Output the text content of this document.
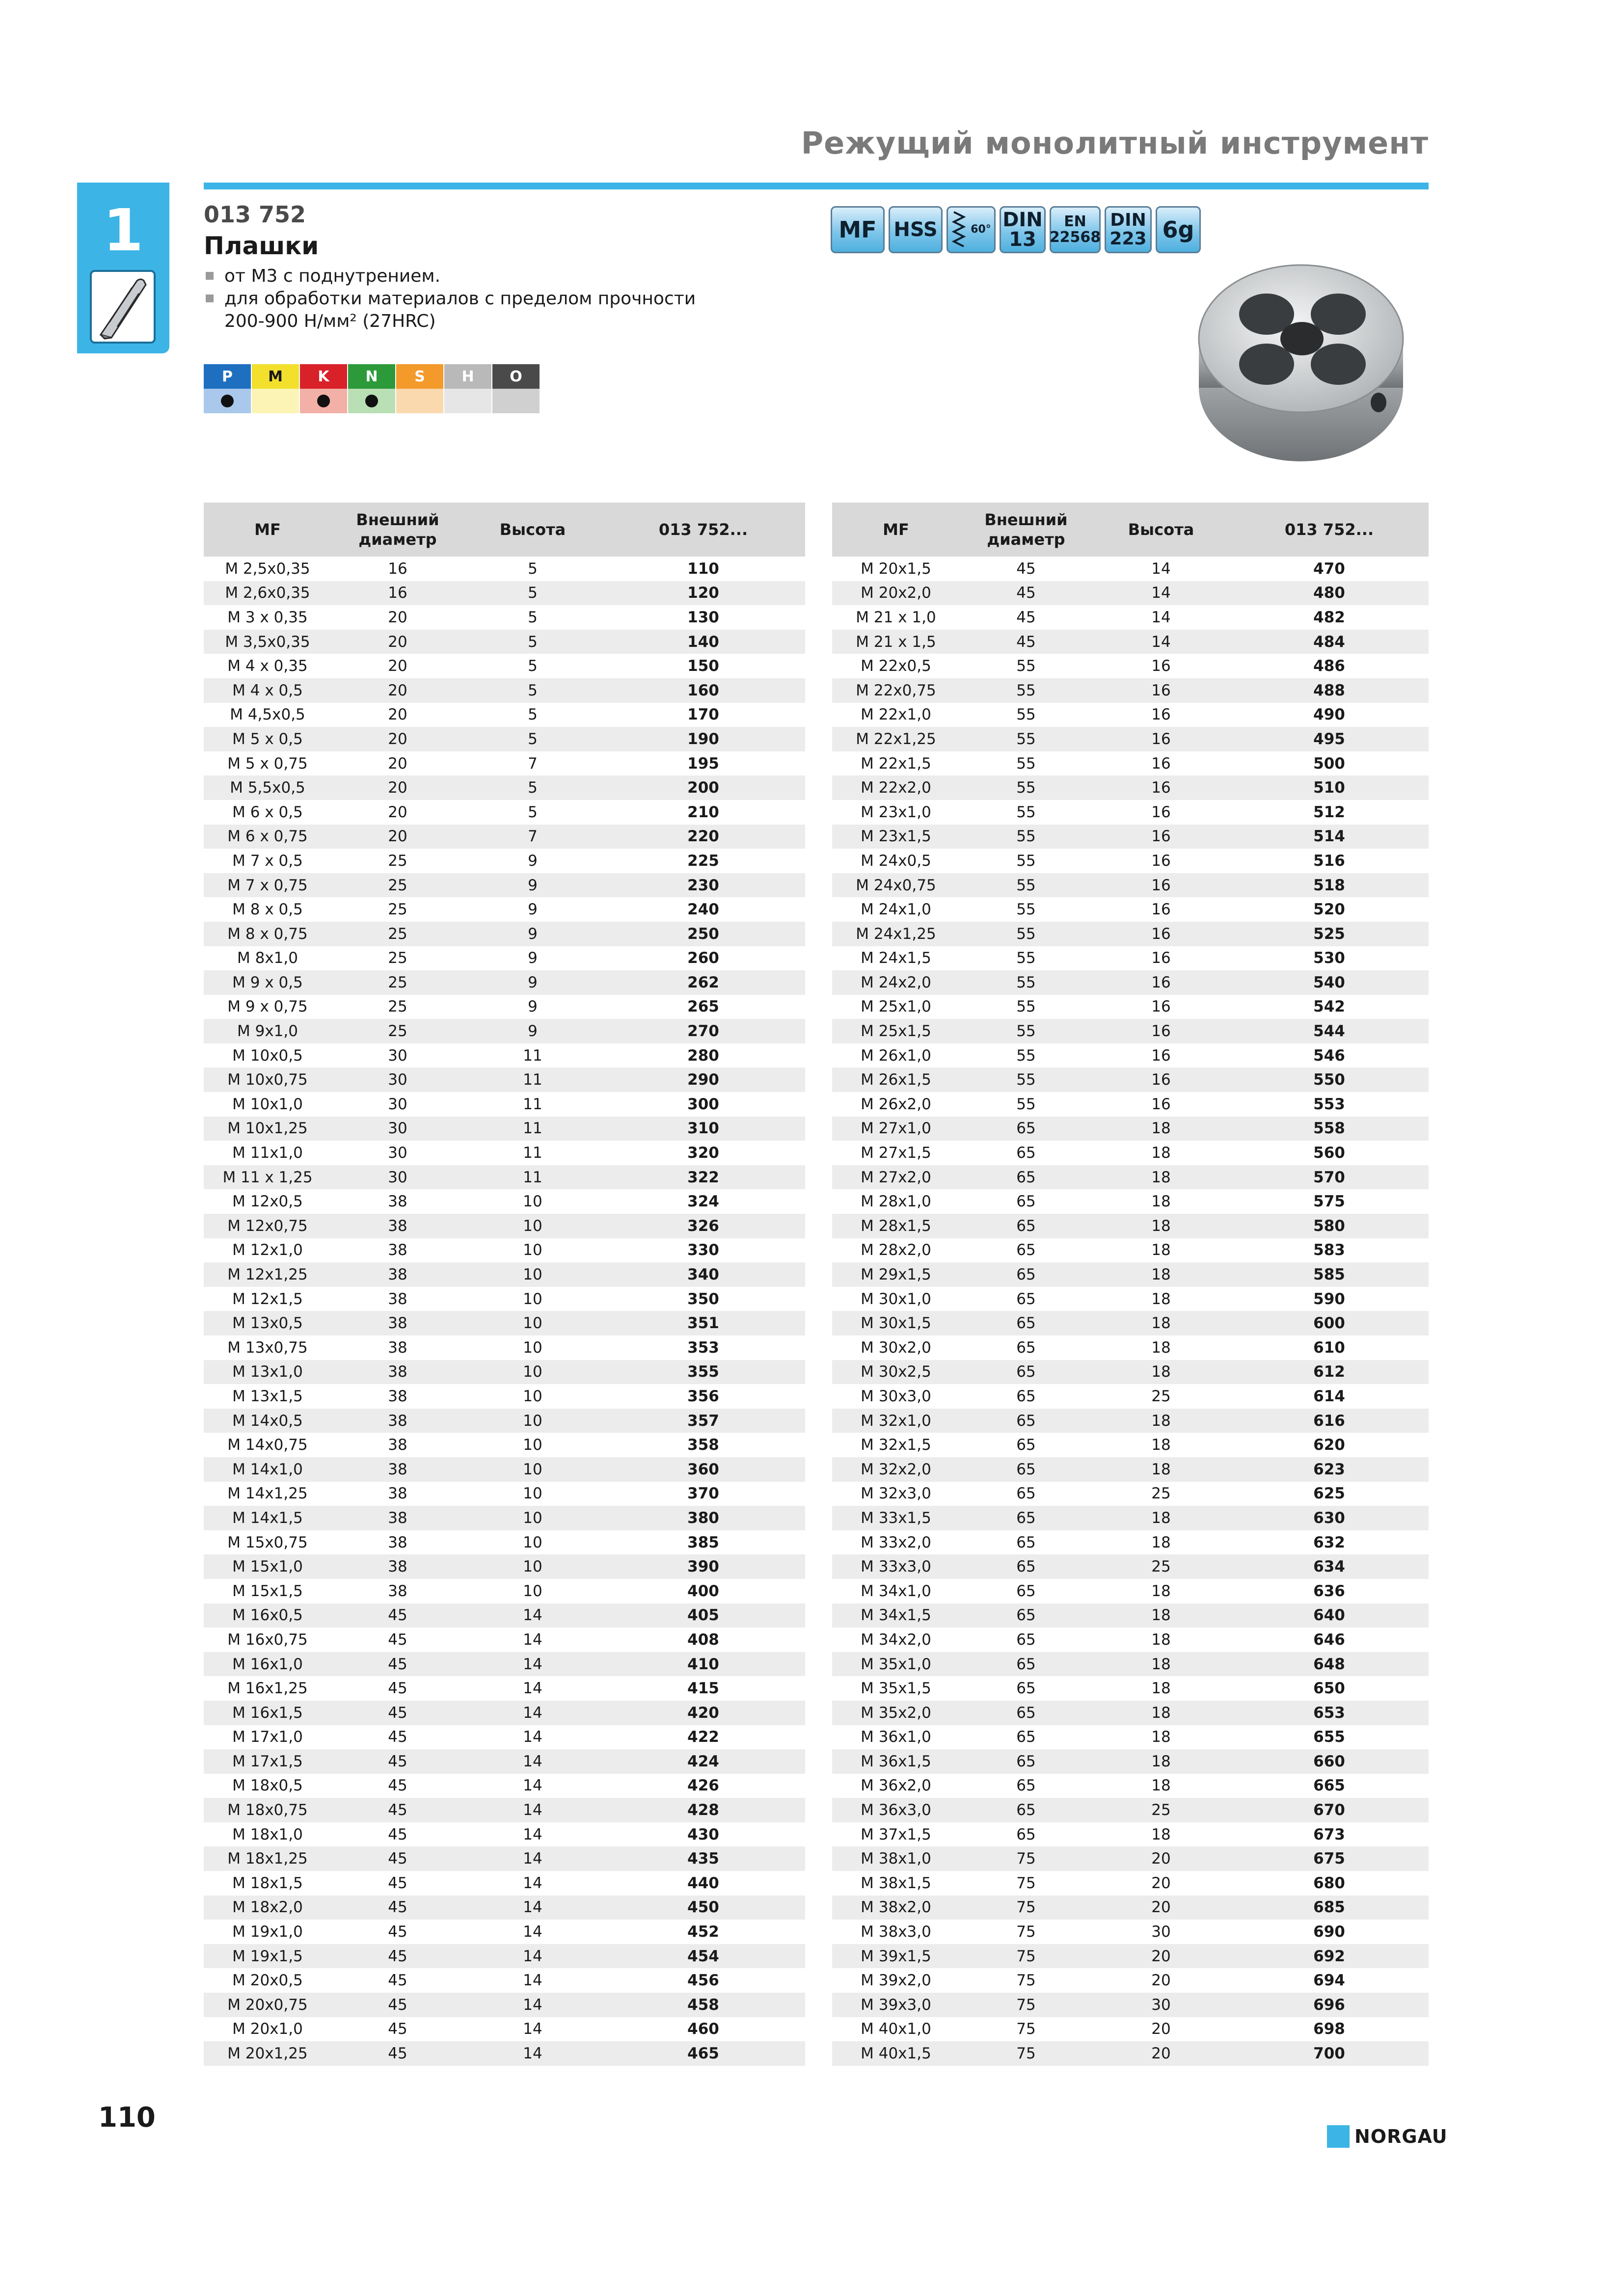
Режущий монолитный инструмент
1	013 752
Плашки
от М3 с поднутрением.
для обработки материалов с пределом прочности
200-900 Н/мм² (27HRC)
MF HSS	60° DIN
13
EN
22568
DIN
223 6g
P	M	K	N	S	H	O
MF	Внешний диаметр	Высота	013 752...
M 2,5x0,35	16	5	110
M 2,6x0,35	16	5	120
M 3 x 0,35	20	5	130
M 3,5x0,35	20	5	140
M 4 x 0,35	20	5	150
M 4 x 0,5	20	5	160
M 4,5x0,5	20	5	170
M 5 x 0,5	20	5	190
M 5 x 0,75	20	7	195
M 5,5x0,5	20	5	200
M 6 x 0,5	20	5	210
M 6 x 0,75	20	7	220
M 7 x 0,5	25	9	225
M 7 x 0,75	25	9	230
M 8 x 0,5	25	9	240
M 8 x 0,75	25	9	250
M 8x1,0	25	9	260
M 9 x 0,5	25	9	262
M 9 x 0,75	25	9	265
M 9x1,0	25	9	270
M 10x0,5	30	11	280
M 10x0,75	30	11	290
M 10x1,0	30	11	300
M 10x1,25	30	11	310
M 11x1,0	30	11	320
M 11 x 1,25	30	11	322
M 12x0,5	38	10	324
M 12x0,75	38	10	326
M 12x1,0	38	10	330
M 12x1,25	38	10	340
M 12x1,5	38	10	350
M 13x0,5	38	10	351
M 13x0,75	38	10	353
M 13x1,0	38	10	355
M 13x1,5	38	10	356
M 14x0,5	38	10	357
M 14x0,75	38	10	358
M 14x1,0	38	10	360
M 14x1,25	38	10	370
M 14x1,5	38	10	380
M 15x0,75	38	10	385
M 15x1,0	38	10	390
M 15x1,5	38	10	400
M 16x0,5	45	14	405
M 16x0,75	45	14	408
M 16x1,0	45	14	410
M 16x1,25	45	14	415
M 16x1,5	45	14	420
M 17x1,0	45	14	422
M 17x1,5	45	14	424
M 18x0,5	45	14	426
M 18x0,75	45	14	428
M 18x1,0	45	14	430
M 18x1,25	45	14	435
M 18x1,5	45	14	440
M 18x2,0	45	14	450
M 19x1,0	45	14	452
M 19x1,5	45	14	454
M 20x0,5	45	14	456
M 20x0,75	45	14	458
M 20x1,0	45	14	460
M 20x1,25	45	14	465
MF	Внешний диаметр	Высота	013 752...
M 20x1,5	45	14	470
M 20x2,0	45	14	480
M 21 x 1,0	45	14	482
M 21 x 1,5	45	14	484
M 22x0,5	55	16	486
M 22x0,75	55	16	488
M 22x1,0	55	16	490
M 22x1,25	55	16	495
M 22x1,5	55	16	500
M 22x2,0	55	16	510
M 23x1,0	55	16	512
M 23x1,5	55	16	514
M 24x0,5	55	16	516
M 24x0,75	55	16	518
M 24x1,0	55	16	520
M 24x1,25	55	16	525
M 24x1,5	55	16	530
M 24x2,0	55	16	540
M 25x1,0	55	16	542
M 25x1,5	55	16	544
M 26x1,0	55	16	546
M 26x1,5	55	16	550
M 26x2,0	55	16	553
M 27x1,0	65	18	558
M 27x1,5	65	18	560
M 27x2,0	65	18	570
M 28x1,0	65	18	575
M 28x1,5	65	18	580
M 28x2,0	65	18	583
M 29x1,5	65	18	585
M 30x1,0	65	18	590
M 30x1,5	65	18	600
M 30x2,0	65	18	610
M 30x2,5	65	18	612
M 30x3,0	65	25	614
M 32x1,0	65	18	616
M 32x1,5	65	18	620
M 32x2,0	65	18	623
M 32x3,0	65	25	625
M 33x1,5	65	18	630
M 33x2,0	65	18	632
M 33x3,0	65	25	634
M 34x1,0	65	18	636
M 34x1,5	65	18	640
M 34x2,0	65	18	646
M 35x1,0	65	18	648
M 35x1,5	65	18	650
M 35x2,0	65	18	653
M 36x1,0	65	18	655
M 36x1,5	65	18	660
M 36x2,0	65	18	665
M 36x3,0	65	25	670
M 37x1,5	65	18	673
M 38x1,0	75	20	675
M 38x1,5	75	20	680
M 38x2,0	75	20	685
M 38x3,0	75	30	690
M 39x1,5	75	20	692
M 39x2,0	75	20	694
M 39x3,0	75	30	696
M 40x1,0	75	20	698
M 40x1,5	75	20	700
110
NORGAU
